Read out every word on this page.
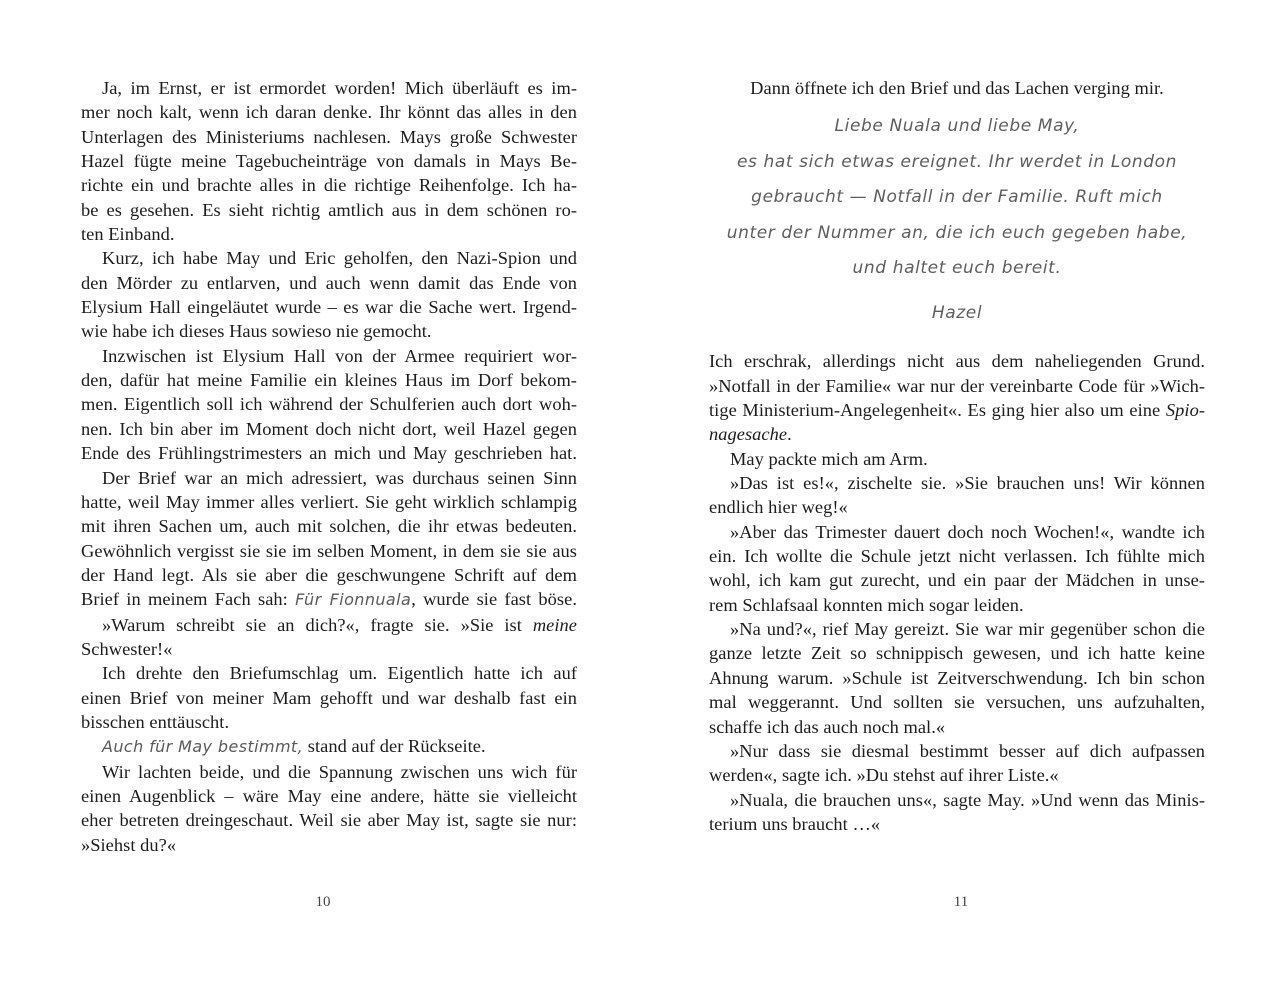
Ja, im Ernst, er ist ermordet worden! Mich überläuft es im-
mer noch kalt, wenn ich daran denke. Ihr könnt das alles in den
Unterlagen des Ministeriums nachlesen. Mays große Schwester
Hazel fügte meine Tagebucheinträge von damals in Mays Be-
richte ein und brachte alles in die richtige Reihenfolge. Ich ha-
be es gesehen. Es sieht richtig amtlich aus in dem schönen ro-
ten Einband.
Kurz, ich habe May und Eric geholfen, den Nazi-Spion und
den Mörder zu entlarven, und auch wenn damit das Ende von
Elysium Hall eingeläutet wurde – es war die Sache wert. Irgend-
wie habe ich dieses Haus sowieso nie gemocht.
Inzwischen ist Elysium Hall von der Armee requiriert wor-
den, dafür hat meine Familie ein kleines Haus im Dorf bekom-
men. Eigentlich soll ich während der Schulferien auch dort woh-
nen. Ich bin aber im Moment doch nicht dort, weil Hazel gegen
Ende des Frühlingstrimesters an mich und May geschrieben hat.
Der Brief war an mich adressiert, was durchaus seinen Sinn
hatte, weil May immer alles verliert. Sie geht wirklich schlampig
mit ihren Sachen um, auch mit solchen, die ihr etwas bedeuten.
Gewöhnlich vergisst sie sie im selben Moment, in dem sie sie aus
der Hand legt. Als sie aber die geschwungene Schrift auf dem
Brief in meinem Fach sah: Für Fionnuala, wurde sie fast böse.
»Warum schreibt sie an dich?«, fragte sie. »Sie ist meine
Schwester!«
Ich drehte den Briefumschlag um. Eigentlich hatte ich auf
einen Brief von meiner Mam gehofft und war deshalb fast ein
bisschen enttäuscht.
Auch für May bestimmt, stand auf der Rückseite.
Wir lachten beide, und die Spannung zwischen uns wich für
einen Augenblick – wäre May eine andere, hätte sie vielleicht
eher betreten dreingeschaut. Weil sie aber May ist, sagte sie nur:
»Siehst du?«
10
Dann öffnete ich den Brief und das Lachen verging mir.
Liebe Nuala und liebe May,
es hat sich etwas ereignet. Ihr werdet in London
gebraucht — Notfall in der Familie. Ruft mich
unter der Nummer an, die ich euch gegeben habe,
und haltet euch bereit.
Hazel
Ich erschrak, allerdings nicht aus dem naheliegenden Grund.
»Notfall in der Familie« war nur der vereinbarte Code für »Wich-
tige Ministerium-Angelegenheit«. Es ging hier also um eine Spio-
nagesache.
May packte mich am Arm.
»Das ist es!«, zischelte sie. »Sie brauchen uns! Wir können
endlich hier weg!«
»Aber das Trimester dauert doch noch Wochen!«, wandte ich
ein. Ich wollte die Schule jetzt nicht verlassen. Ich fühlte mich
wohl, ich kam gut zurecht, und ein paar der Mädchen in unse-
rem Schlafsaal konnten mich sogar leiden.
»Na und?«, rief May gereizt. Sie war mir gegenüber schon die
ganze letzte Zeit so schnippisch gewesen, und ich hatte keine
Ahnung warum. »Schule ist Zeitverschwendung. Ich bin schon
mal weggerannt. Und sollten sie versuchen, uns aufzuhalten,
schaffe ich das auch noch mal.«
»Nur dass sie diesmal bestimmt besser auf dich aufpassen
werden«, sagte ich. »Du stehst auf ihrer Liste.«
»Nuala, die brauchen uns«, sagte May. »Und wenn das Minis-
terium uns braucht …«
11
